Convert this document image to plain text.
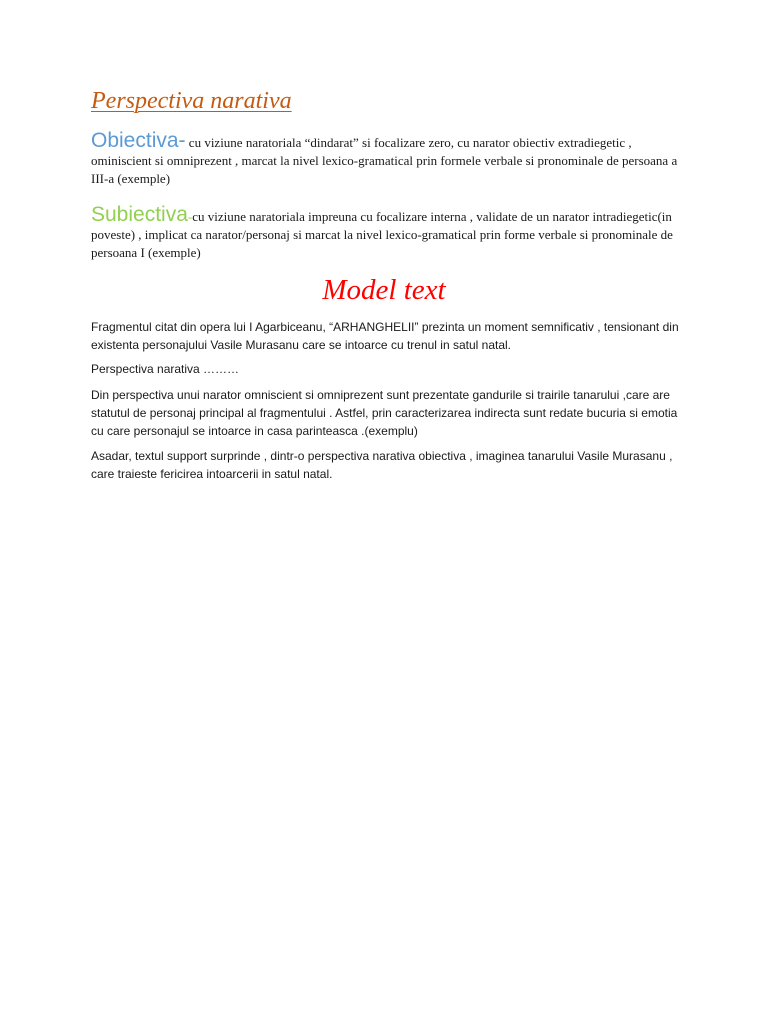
Perspectiva narativa

Obiectiva- cu viziune naratoriala “dindarat” si focalizare zero, cu narator obiectiv extradiegetic , ominiscient si omniprezent , marcat la nivel lexico-gramatical prin formele verbale si pronominale de persoana a III-a (exemple)

Subiectiva-cu viziune naratoriala impreuna cu focalizare interna , validate de un narator intradiegetic(in poveste) , implicat ca narator/personaj si marcat la nivel lexico-gramatical prin forme verbale si pronominale de persoana I (exemple)

Model text

Fragmentul citat din opera lui I Agarbiceanu, “ARHANGHELII” prezinta un moment semnificativ , tensionant din existenta personajului Vasile Murasanu care se intoarce cu trenul in satul natal.

Perspectiva narativa ………

Din perspectiva unui narator omniscient si omniprezent sunt prezentate gandurile si trairile tanarului ,care are statutul de personaj principal al fragmentului . Astfel, prin caracterizarea indirecta sunt redate bucuria si emotia cu care personajul se intoarce in casa parinteasca .(exemplu)

Asadar, textul support surprinde , dintr-o perspectiva narativa obiectiva , imaginea tanarului Vasile Murasanu , care traieste fericirea intoarcerii in satul natal.
